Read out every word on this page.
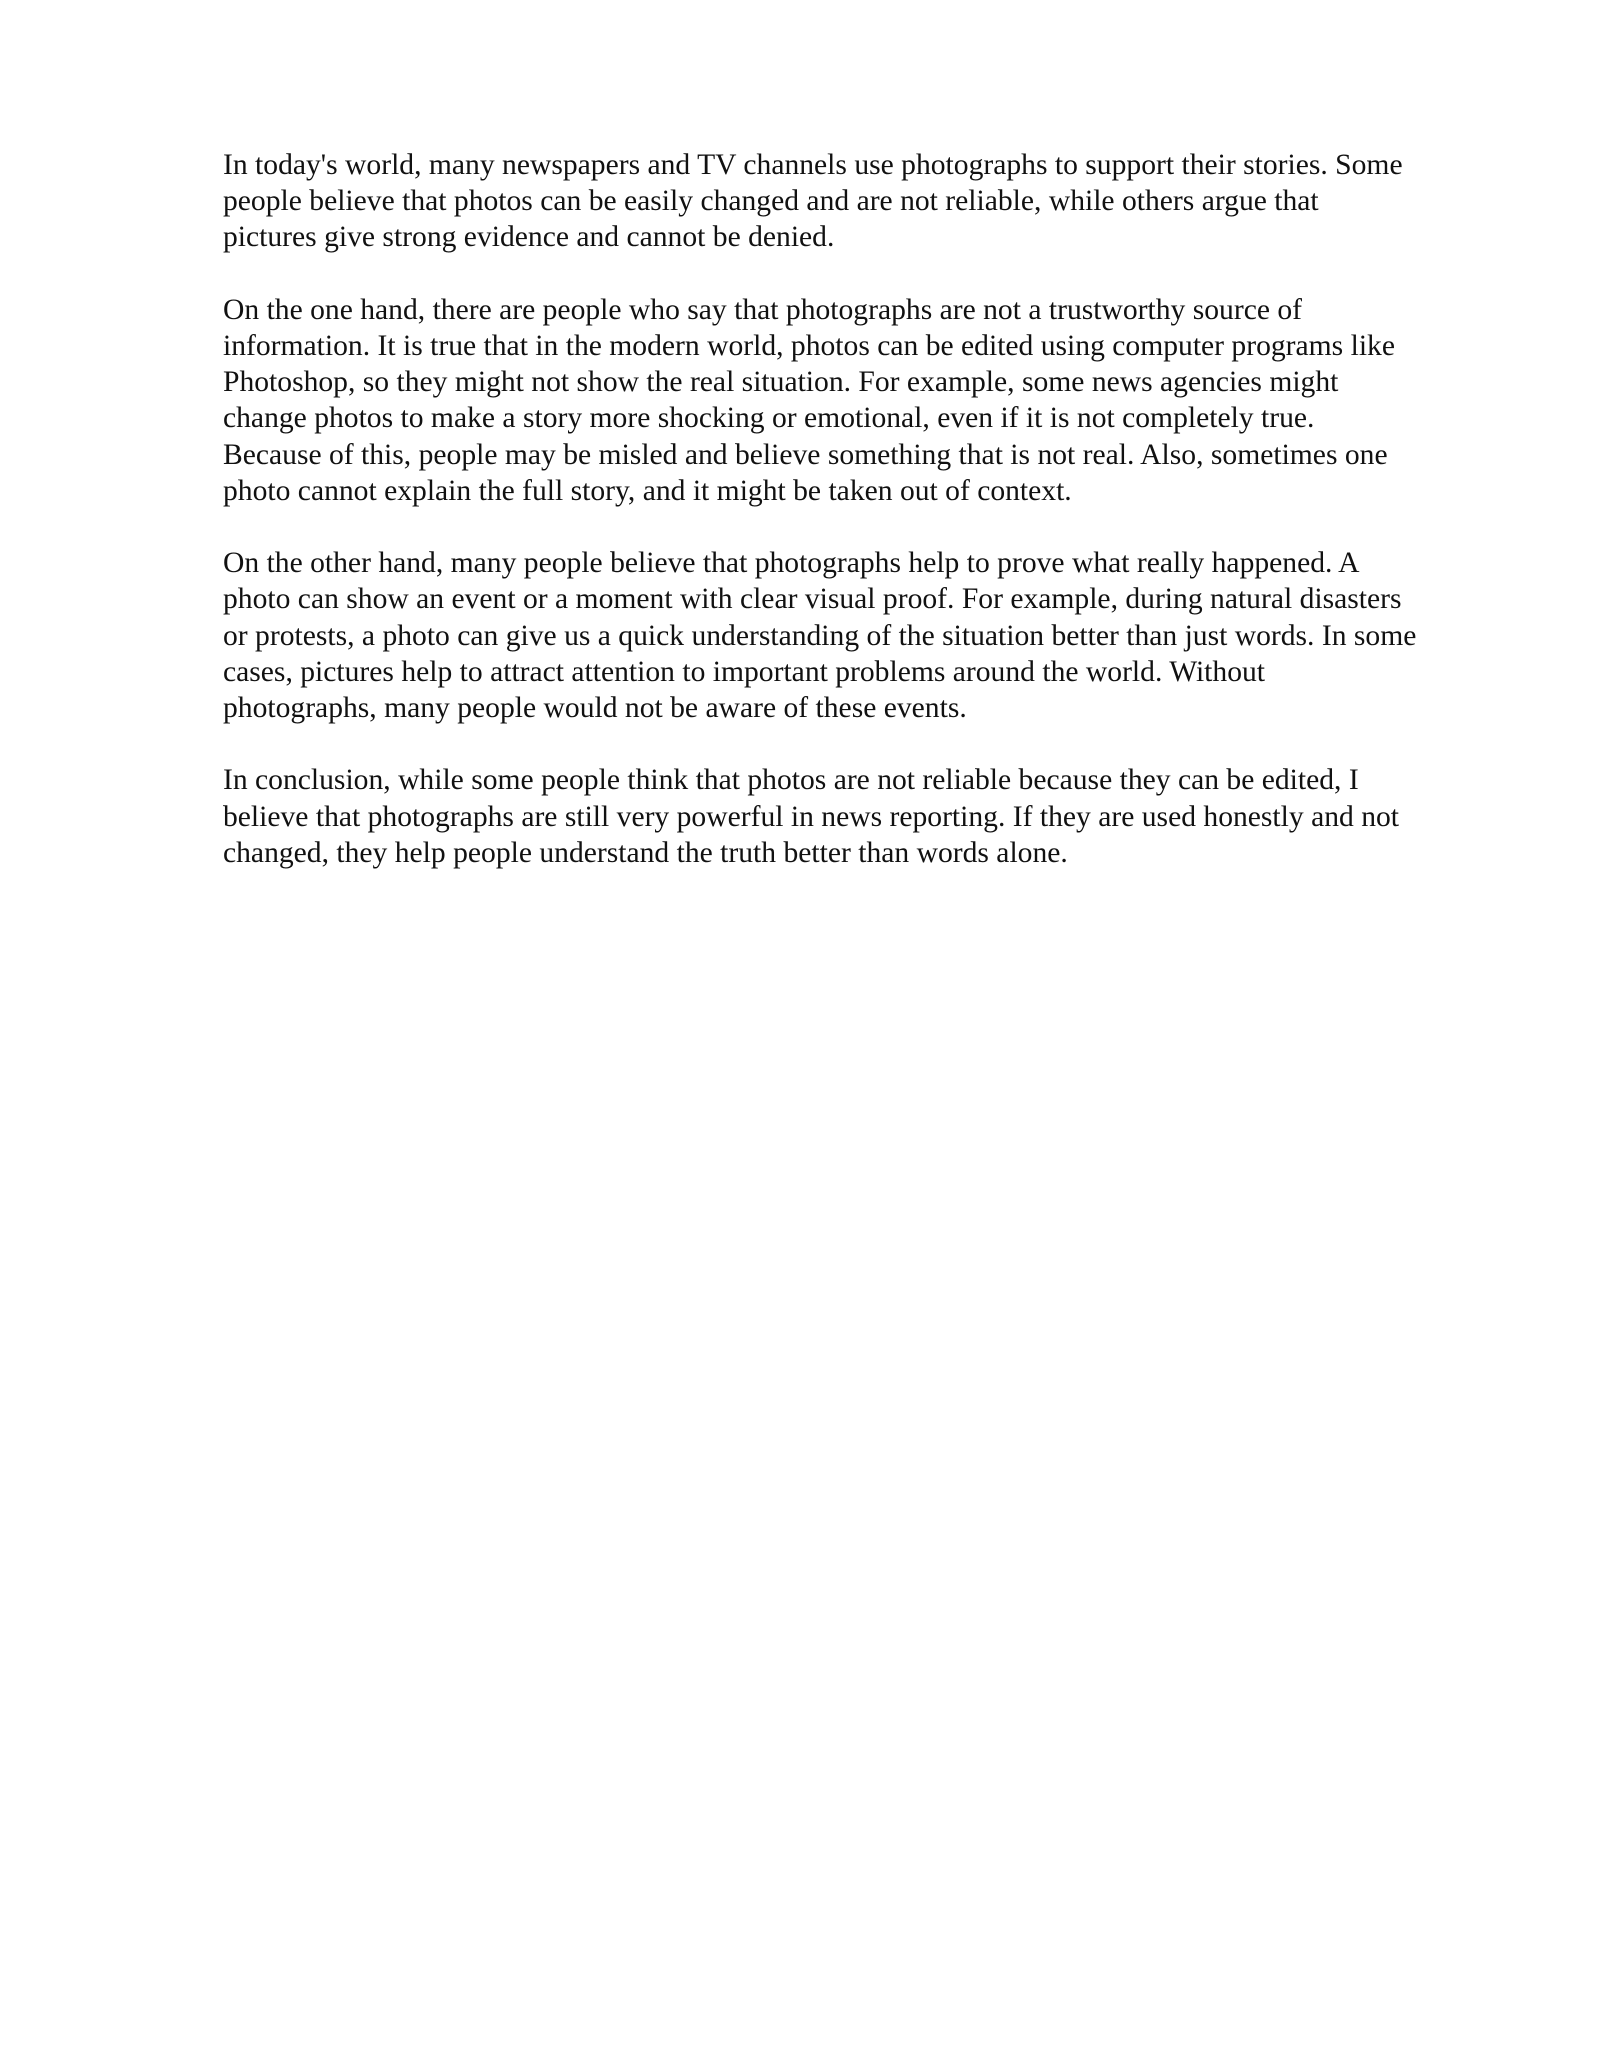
In today's world, many newspapers and TV channels use photographs to support their stories. Some
people believe that photos can be easily changed and are not reliable, while others argue that
pictures give strong evidence and cannot be denied.

On the one hand, there are people who say that photographs are not a trustworthy source of
information. It is true that in the modern world, photos can be edited using computer programs like
Photoshop, so they might not show the real situation. For example, some news agencies might
change photos to make a story more shocking or emotional, even if it is not completely true.
Because of this, people may be misled and believe something that is not real. Also, sometimes one
photo cannot explain the full story, and it might be taken out of context.

On the other hand, many people believe that photographs help to prove what really happened. A
photo can show an event or a moment with clear visual proof. For example, during natural disasters
or protests, a photo can give us a quick understanding of the situation better than just words. In some
cases, pictures help to attract attention to important problems around the world. Without
photographs, many people would not be aware of these events.

In conclusion, while some people think that photos are not reliable because they can be edited, I
believe that photographs are still very powerful in news reporting. If they are used honestly and not
changed, they help people understand the truth better than words alone.
